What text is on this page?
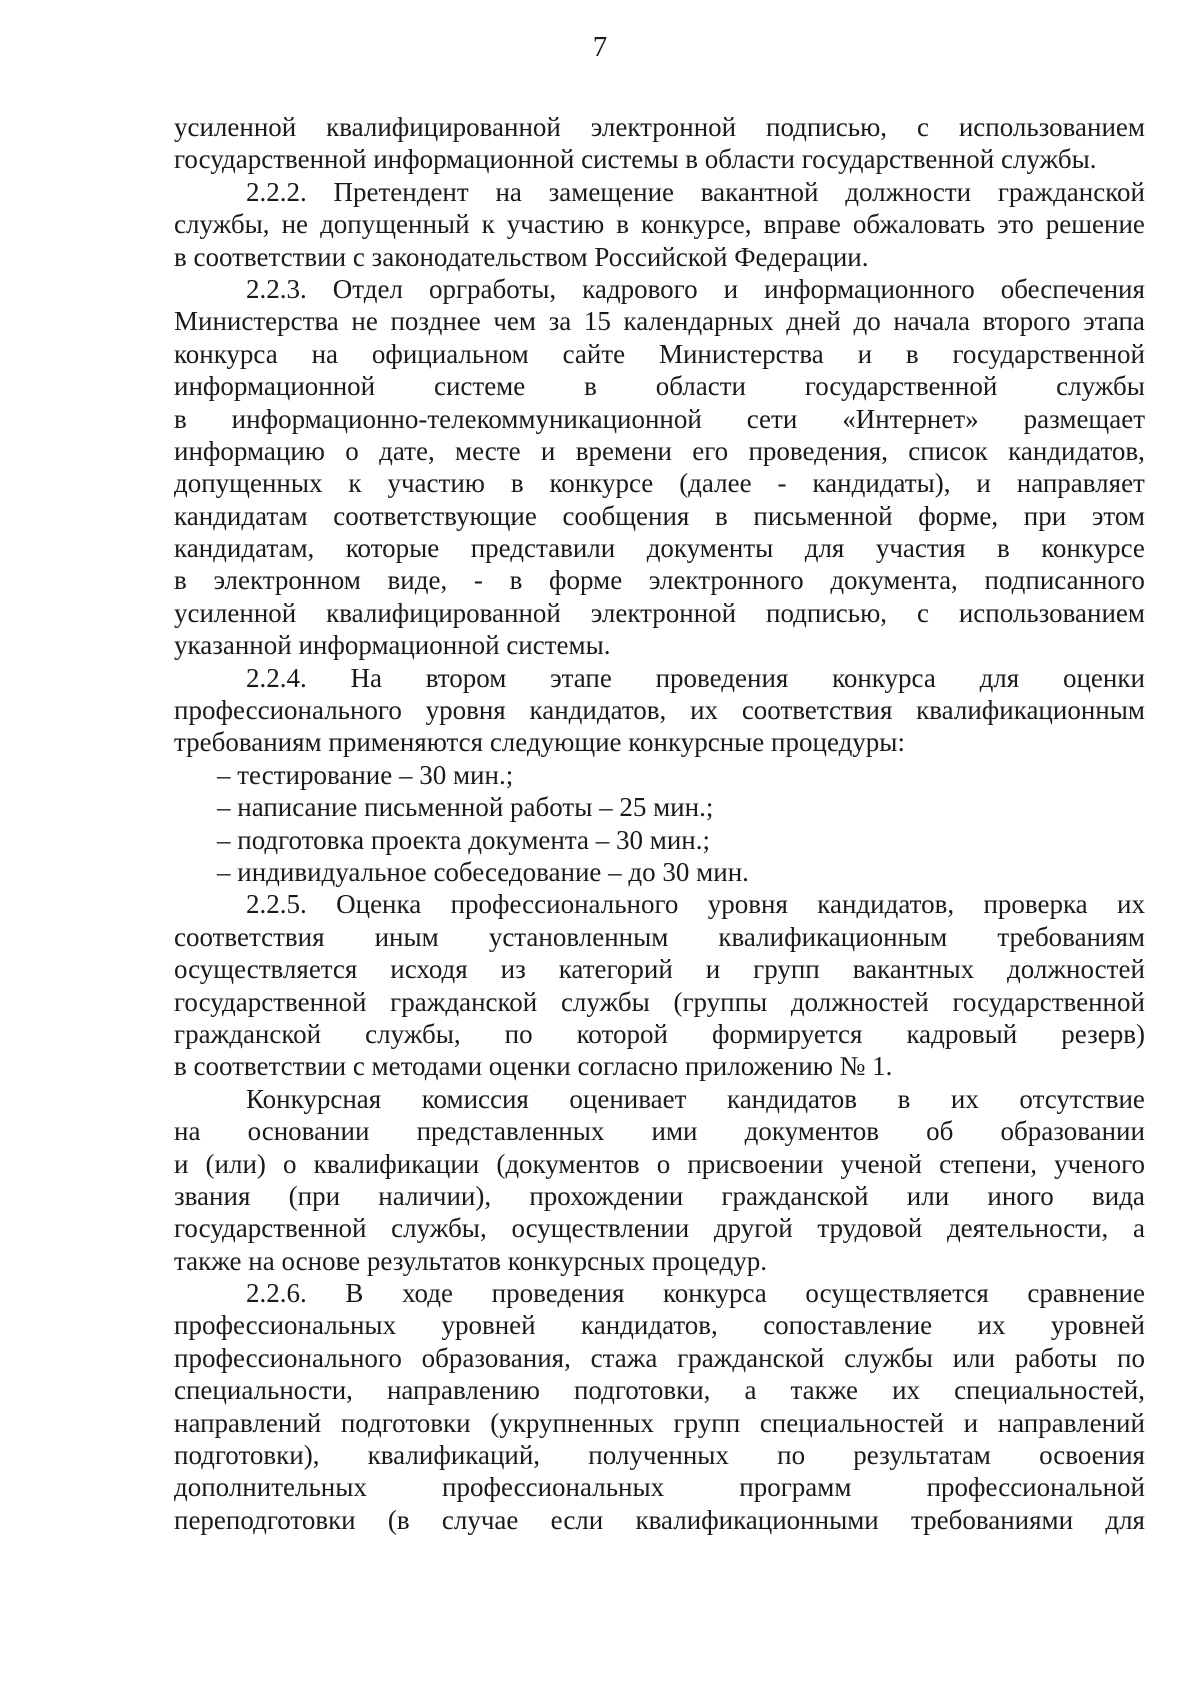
7
усиленной квалифицированной электронной подписью, с использованием
государственной информационной системы в области государственной службы.
2.2.2. Претендент на замещение вакантной должности гражданской
службы, не допущенный к участию в конкурсе, вправе обжаловать это решение
в соответствии с законодательством Российской Федерации.
2.2.3. Отдел оргработы, кадрового и информационного обеспечения
Министерства не позднее чем за 15 календарных дней до начала второго этапа
конкурса на официальном сайте Министерства и в государственной
информационной системе в области государственной службы
в информационно-телекоммуникационной сети «Интернет» размещает
информацию о дате, месте и времени его проведения, список кандидатов,
допущенных к участию в конкурсе (далее - кандидаты), и направляет
кандидатам соответствующие сообщения в письменной форме, при этом
кандидатам, которые представили документы для участия в конкурсе
в электронном виде, - в форме электронного документа, подписанного
усиленной квалифицированной электронной подписью, с использованием
указанной информационной системы.
2.2.4. На втором этапе проведения конкурса для оценки
профессионального уровня кандидатов, их соответствия квалификационным
требованиям применяются следующие конкурсные процедуры:
– тестирование – 30 мин.;
– написание письменной работы – 25 мин.;
– подготовка проекта документа – 30 мин.;
– индивидуальное собеседование – до 30 мин.
2.2.5. Оценка профессионального уровня кандидатов, проверка их
соответствия иным установленным квалификационным требованиям
осуществляется исходя из категорий и групп вакантных должностей
государственной гражданской службы (группы должностей государственной
гражданской службы, по которой формируется кадровый резерв)
в соответствии с методами оценки согласно приложению № 1.
Конкурсная комиссия оценивает кандидатов в их отсутствие
на основании представленных ими документов об образовании
и (или) о квалификации (документов о присвоении ученой степени, ученого
звания (при наличии), прохождении гражданской или иного вида
государственной службы, осуществлении другой трудовой деятельности, а
также на основе результатов конкурсных процедур.
2.2.6. В ходе проведения конкурса осуществляется сравнение
профессиональных уровней кандидатов, сопоставление их уровней
профессионального образования, стажа гражданской службы или работы по
специальности, направлению подготовки, а также их специальностей,
направлений подготовки (укрупненных групп специальностей и направлений
подготовки), квалификаций, полученных по результатам освоения
дополнительных	профессиональных	программ	профессиональной
переподготовки (в случае если квалификационными требованиями для
